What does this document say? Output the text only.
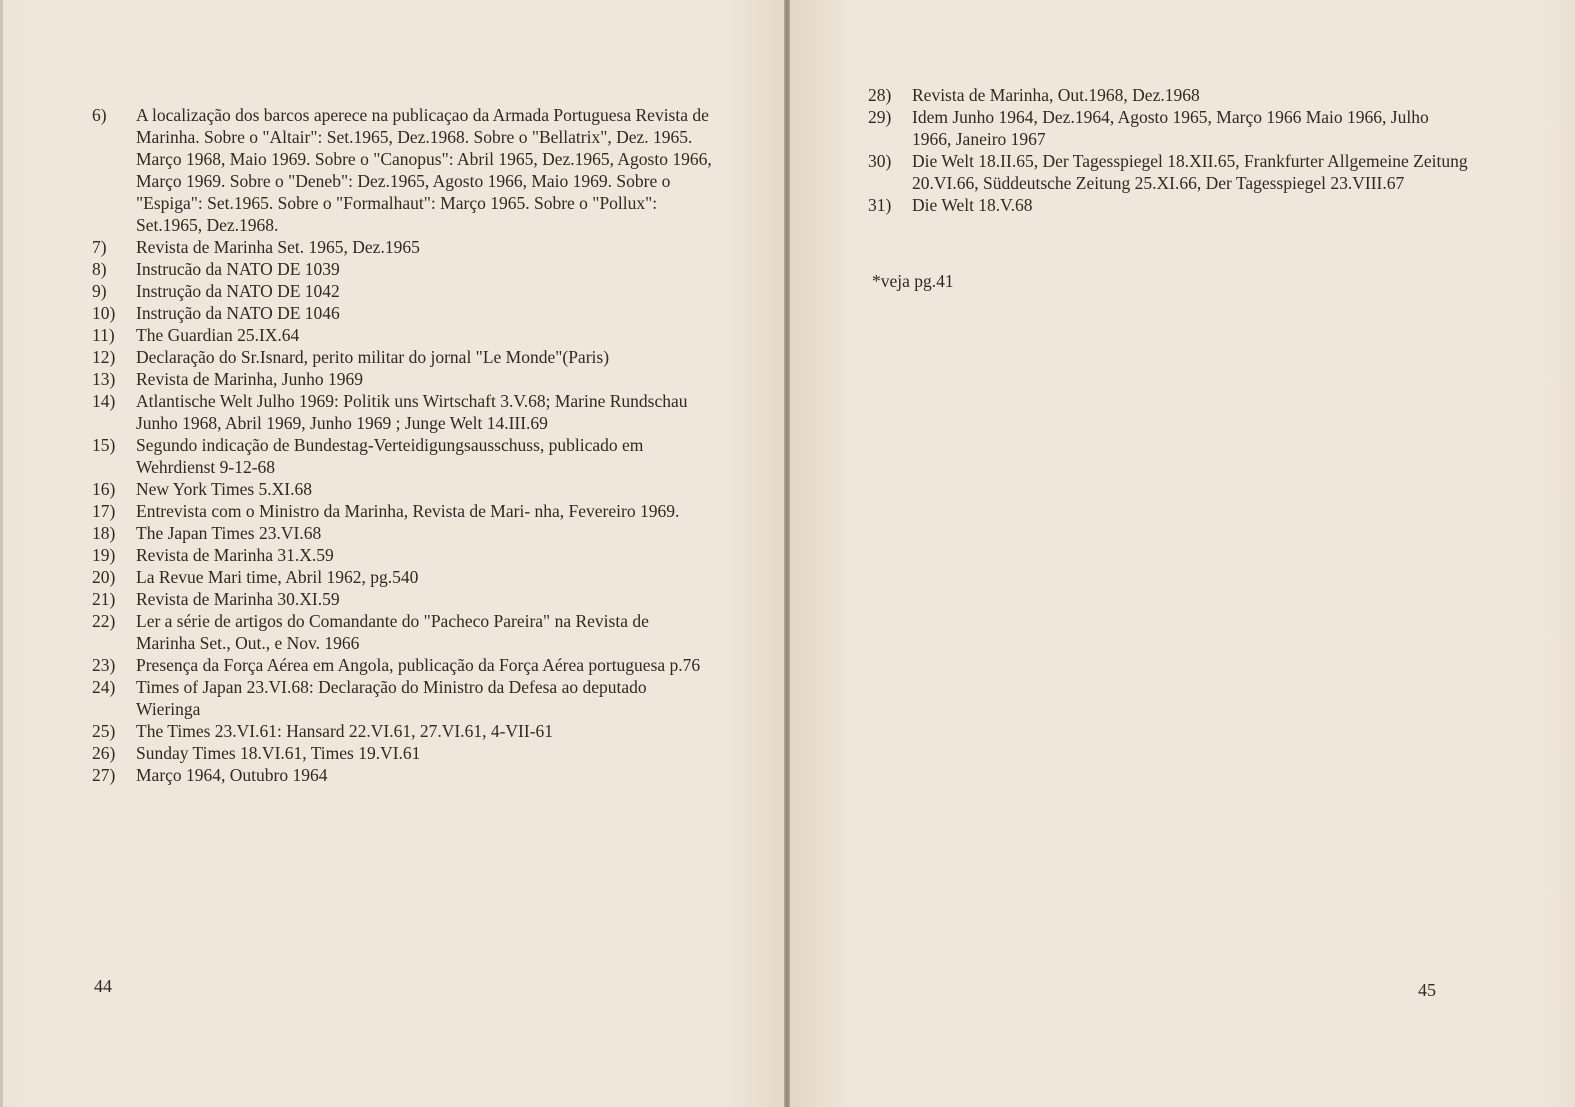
6)	A localização dos barcos aperece na publicaçao da Armada Portuguesa Revista de Marinha. Sobre o "Altair": Set.1965, Dez.1968. Sobre o "Bellatrix", Dez. 1965. Março 1968, Maio 1969. Sobre o "Canopus": Abril 1965, Dez.1965, Agosto 1966, Março 1969. Sobre o "Deneb": Dez.1965, Agosto 1966, Maio 1969. Sobre o "Espiga": Set.1965. Sobre o "Formalhaut": Março 1965. Sobre o "Pollux": Set.1965, Dez.1968.
7)	Revista de Marinha Set. 1965, Dez.1965
8)	Instrucão da NATO DE 1039
9)	Instrução da NATO DE 1042
10)	Instrução da NATO DE 1046
11)	The Guardian 25.IX.64
12)	Declaração do Sr.Isnard, perito militar do jornal "Le Monde"(Paris)
13)	Revista de Marinha, Junho 1969
14)	Atlantische Welt Julho 1969: Politik uns Wirtschaft 3.V.68; Marine Rundschau Junho 1968, Abril 1969, Junho 1969 ; Junge Welt 14.III.69
15)	Segundo indicação de Bundestag-Verteidigungsausschuss, publicado em Wehrdienst 9-12-68
16)	New York Times 5.XI.68
17)	Entrevista com o Ministro da Marinha, Revista de Mari- nha, Fevereiro 1969.
18)	The Japan Times 23.VI.68
19)	Revista de Marinha 31.X.59
20)	La Revue Mari time, Abril 1962, pg.540
21)	Revista de Marinha 30.XI.59
22)	Ler a série de artigos do Comandante do "Pacheco Pareira" na Revista de Marinha Set., Out., e Nov. 1966
23)	Presença da Força Aérea em Angola, publicação da Força Aérea portuguesa p.76
24)	Times of Japan 23.VI.68: Declaração do Ministro da Defesa ao deputado Wieringa
25)	The Times 23.VI.61: Hansard 22.VI.61, 27.VI.61, 4-VII-61
26)	Sunday Times 18.VI.61, Times 19.VI.61
27)	Março 1964, Outubro 1964
44
28)	Revista de Marinha, Out.1968, Dez.1968
29)	Idem Junho 1964, Dez.1964, Agosto 1965, Março 1966 Maio 1966, Julho 1966, Janeiro 1967
30)	Die Welt 18.II.65, Der Tagesspiegel 18.XII.65, Frankfurter Allgemeine Zeitung 20.VI.66, Süddeutsche Zeitung 25.XI.66, Der Tagesspiegel 23.VIII.67
31)	Die Welt 18.V.68
*veja pg.41
45
